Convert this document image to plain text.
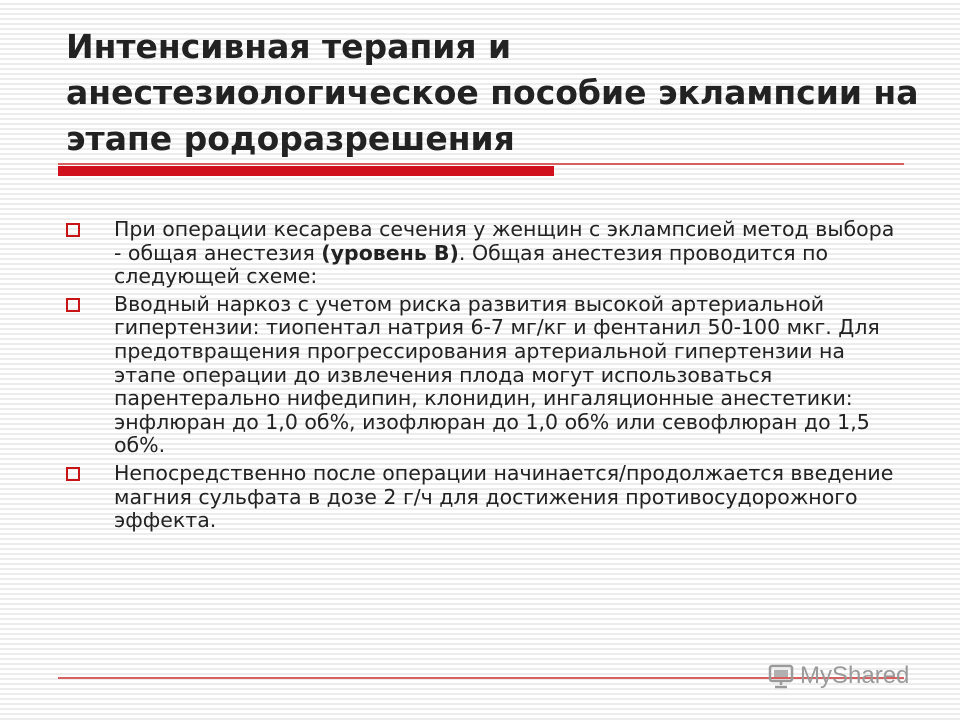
Интенсивная терапия и анестезиологическое пособие эклампсии на этапе родоразрешения
При операции кесарева сечения у женщин с эклампсией метод выбора - общая анестезия (уровень В). Общая анестезия проводится по следующей схеме:
Вводный наркоз с учетом риска развития высокой артериальной гипертензии: тиопентал натрия 6-7 мг/кг и фентанил 50-100 мкг. Для предотвращения прогрессирования артериальной гипертензии на этапе операции до извлечения плода могут использоваться парентерально нифедипин, клонидин, ингаляционные анестетики: энфлюран до 1,0 об%, изофлюран до 1,0 об% или севофлюран до 1,5 об%.
Непосредственно после операции начинается/продолжается введение магния сульфата в дозе 2 г/ч для достижения противосудорожного эффекта.
MyShared
